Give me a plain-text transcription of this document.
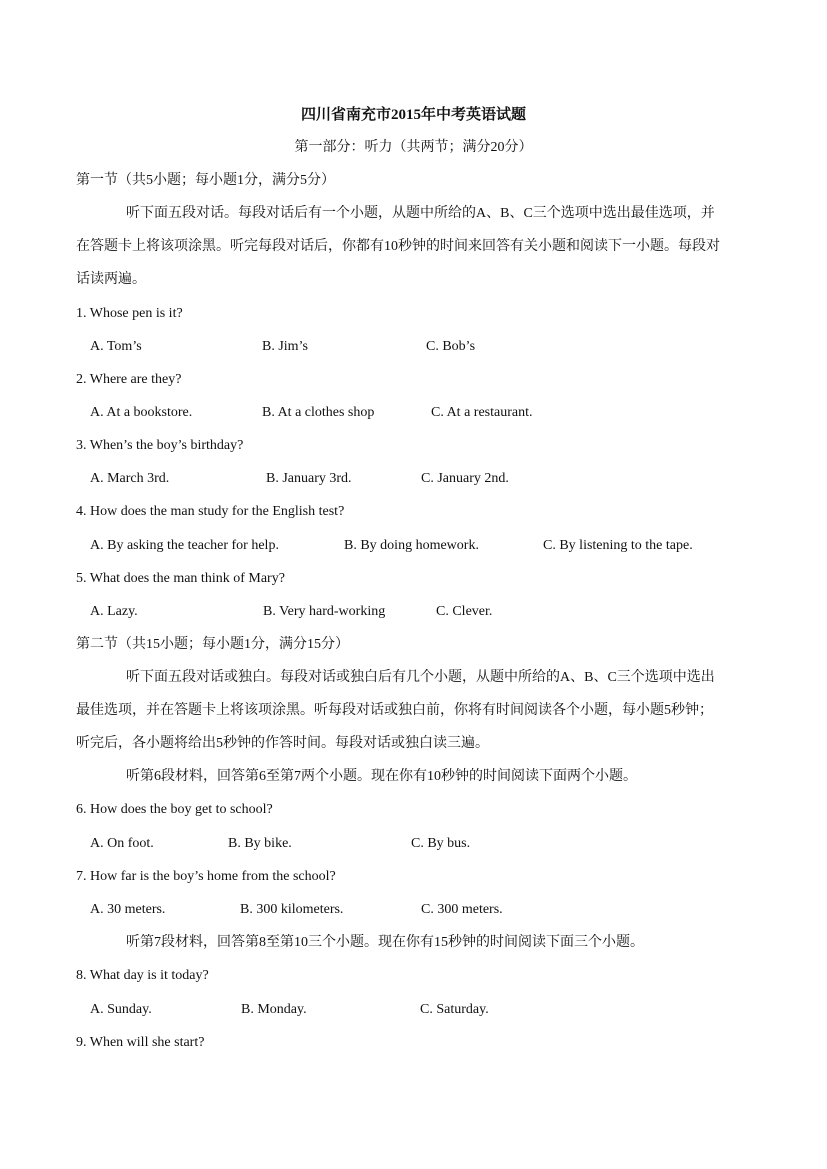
四川省南充市2015年中考英语试题
第一部分：听力（共两节；满分20分）
第一节（共5小题；每小题1分，满分5分）
听下面五段对话。每段对话后有一个小题，从题中所给的A、B、C三个选项中选出最佳选项，并
在答题卡上将该项涂黑。听完每段对话后，你都有10秒钟的时间来回答有关小题和阅读下一小题。每段对
话读两遍。
1. Whose pen is it?
A. Tom’s	B. Jim’s	C. Bob’s
2. Where are they?
A. At a bookstore.	B. At a clothes shop	C. At a restaurant.
3. When’s the boy’s birthday?
A. March 3rd.	B. January 3rd.	C. January 2nd.
4. How does the man study for the English test?
A. By asking the teacher for help.	B. By doing homework.	C. By listening to the tape.
5. What does the man think of Mary?
A. Lazy.	B. Very hard-working	C. Clever.
第二节（共15小题；每小题1分，满分15分）
听下面五段对话或独白。每段对话或独白后有几个小题，从题中所给的A、B、C三个选项中选出
最佳选项，并在答题卡上将该项涂黑。听每段对话或独白前，你将有时间阅读各个小题，每小题5秒钟；
听完后，各小题将给出5秒钟的作答时间。每段对话或独白读三遍。
听第6段材料，回答第6至第7两个小题。现在你有10秒钟的时间阅读下面两个小题。
6. How does the boy get to school?
A. On foot.	B. By bike.	C. By bus.
7. How far is the boy’s home from the school?
A. 30 meters.	B. 300 kilometers.	C. 300 meters.
听第7段材料，回答第8至第10三个小题。现在你有15秒钟的时间阅读下面三个小题。
8. What day is it today?
A. Sunday.	B. Monday.	C. Saturday.
9. When will she start?
